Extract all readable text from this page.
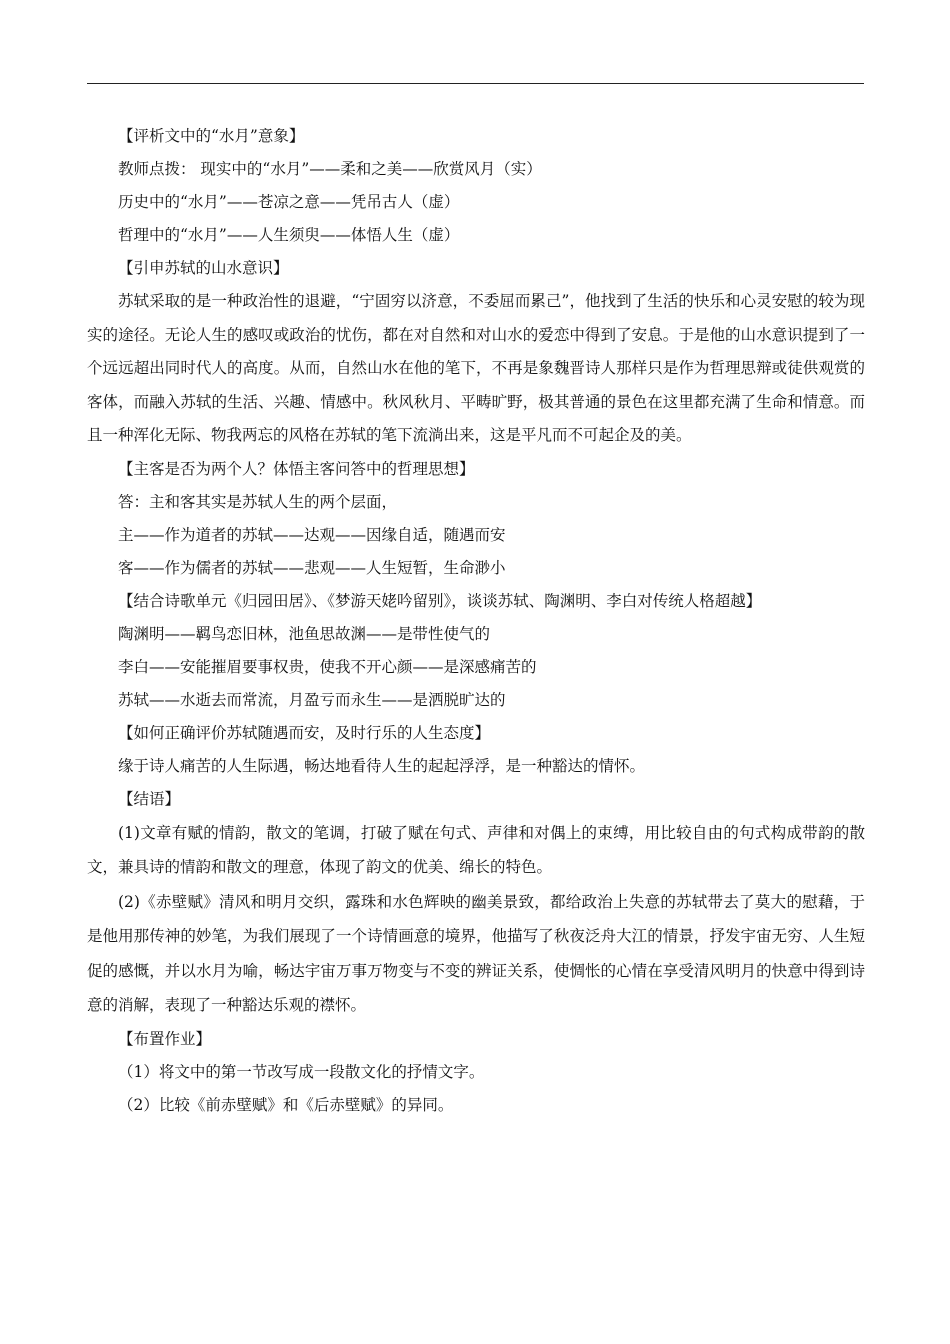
【评析文中的“水月”意象】

教师点拨： 现实中的“水月”——柔和之美——欣赏风月（实）

历史中的“水月”——苍凉之意——凭吊古人（虚）

哲理中的“水月”——人生须臾——体悟人生（虚）

【引申苏轼的山水意识】

苏轼采取的是一种政治性的退避，“宁固穷以济意，不委屈而累己”，他找到了生活的快乐和心灵安慰的较为现实的途径。无论人生的感叹或政治的忧伤，都在对自然和对山水的爱恋中得到了安息。于是他的山水意识提到了一个远远超出同时代人的高度。从而，自然山水在他的笔下，不再是象魏晋诗人那样只是作为哲理思辩或徒供观赏的客体，而融入苏轼的生活、兴趣、情感中。秋风秋月、平畴旷野，极其普通的景色在这里都充满了生命和情意。而且一种浑化无际、物我两忘的风格在苏轼的笔下流淌出来，这是平凡而不可起企及的美。

【主客是否为两个人？体悟主客问答中的哲理思想】

答：主和客其实是苏轼人生的两个层面，

主——作为道者的苏轼——达观——因缘自适，随遇而安

客——作为儒者的苏轼——悲观——人生短暂，生命渺小

【结合诗歌单元《归园田居》、《梦游天姥吟留别》，谈谈苏轼、陶渊明、李白对传统人格超越】

陶渊明——羁鸟恋旧林，池鱼思故渊——是带性使气的

李白——安能摧眉要事权贵，使我不开心颜——是深感痛苦的

苏轼——水逝去而常流，月盈亏而永生——是洒脱旷达的

【如何正确评价苏轼随遇而安，及时行乐的人生态度】

缘于诗人痛苦的人生际遇，畅达地看待人生的起起浮浮，是一种豁达的情怀。

【结语】

(1)文章有赋的情韵，散文的笔调，打破了赋在句式、声律和对偶上的束缚，用比较自由的句式构成带韵的散文，兼具诗的情韵和散文的理意，体现了韵文的优美、绵长的特色。

(2)《赤壁赋》清风和明月交织，露珠和水色辉映的幽美景致，都给政治上失意的苏轼带去了莫大的慰藉，于是他用那传神的妙笔，为我们展现了一个诗情画意的境界，他描写了秋夜泛舟大江的情景，抒发宇宙无穷、人生短促的感慨，并以水月为喻，畅达宇宙万事万物变与不变的辨证关系，使惆怅的心情在享受清风明月的快意中得到诗意的消解，表现了一种豁达乐观的襟怀。

【布置作业】

（1）将文中的第一节改写成一段散文化的抒情文字。

（2）比较《前赤壁赋》和《后赤壁赋》的异同。
